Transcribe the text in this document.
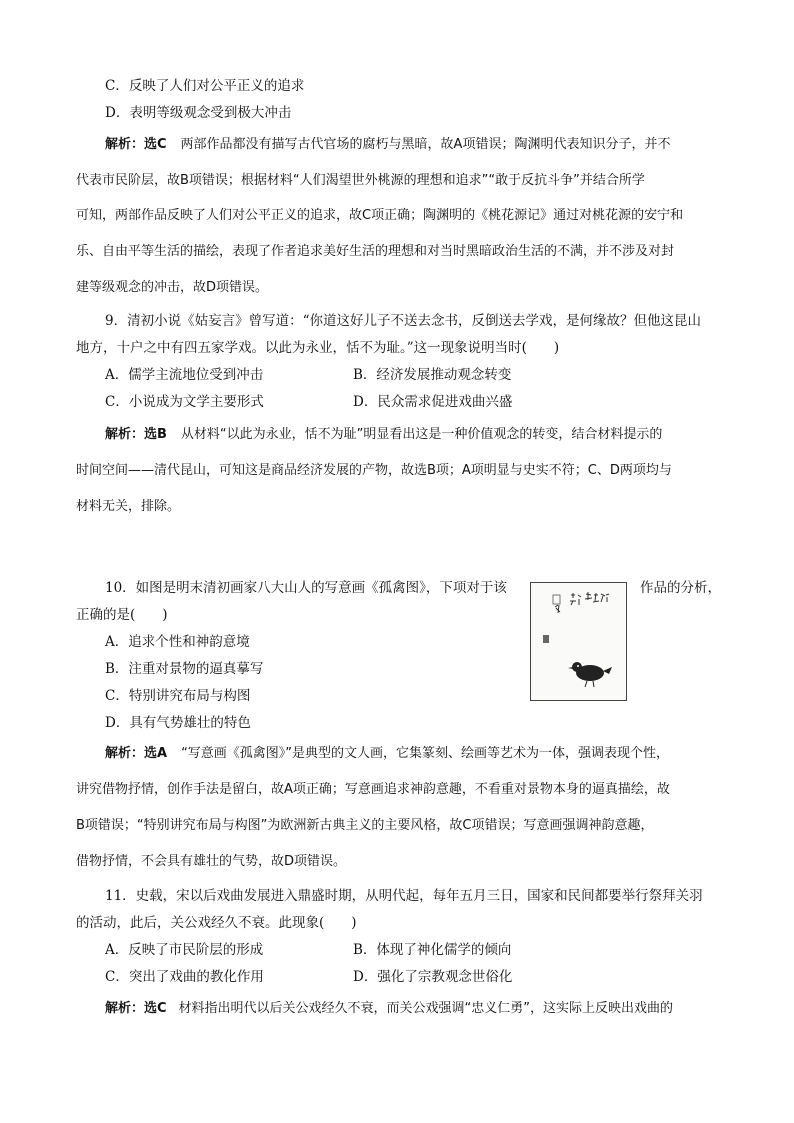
C．反映了人们对公平正义的追求
D．表明等级观念受到极大冲击
解析：选C 两部作品都没有描写古代官场的腐朽与黑暗，故A项错误；陶渊明代表知识分子，并不
代表市民阶层，故B项错误；根据材料“人们渴望世外桃源的理想和追求”“敢于反抗斗争”并结合所学
可知，两部作品反映了人们对公平正义的追求，故C项正确；陶渊明的《桃花源记》通过对桃花源的安宁和
乐、自由平等生活的描绘，表现了作者追求美好生活的理想和对当时黑暗政治生活的不满，并不涉及对封
建等级观念的冲击，故D项错误。
9．清初小说《姑妄言》曾写道：“你道这好儿子不送去念书，反倒送去学戏，是何缘故？但他这昆山
地方，十户之中有四五家学戏。以此为永业，恬不为耻。”这一现象说明当时(　　)
A．儒学主流地位受到冲击	B．经济发展推动观念转变
C．小说成为文学主要形式	D．民众需求促进戏曲兴盛
解析：选B 从材料“以此为永业，恬不为耻”明显看出这是一种价值观念的转变，结合材料提示的
时间空间——清代昆山，可知这是商品经济发展的产物，故选B项；A项明显与史实不符；C、D两项均与
材料无关，排除。
10．如图是明末清初画家八大山人的写意画《孤禽图》，下项对于该	作品的分析，
正确的是(　　)
A．追求个性和神韵意境
B．注重对景物的逼真摹写
C．特别讲究布局与构图
D．具有气势雄壮的特色
解析：选A “写意画《孤禽图》”是典型的文人画，它集篆刻、绘画等艺术为一体，强调表现个性，
讲究借物抒情，创作手法是留白，故A项正确；写意画追求神韵意趣，不看重对景物本身的逼真描绘，故
B项错误；“特别讲究布局与构图”为欧洲新古典主义的主要风格，故C项错误；写意画强调神韵意趣，
借物抒情，不会具有雄壮的气势，故D项错误。
11．史载，宋以后戏曲发展进入鼎盛时期，从明代起，每年五月三日，国家和民间都要举行祭拜关羽
的活动，此后，关公戏经久不衰。此现象(　　)
A．反映了市民阶层的形成	B．体现了神化儒学的倾向
C．突出了戏曲的教化作用	D．强化了宗教观念世俗化
解析：选C 材料指出明代以后关公戏经久不衰，而关公戏强调“忠义仁勇”，这实际上反映出戏曲的
